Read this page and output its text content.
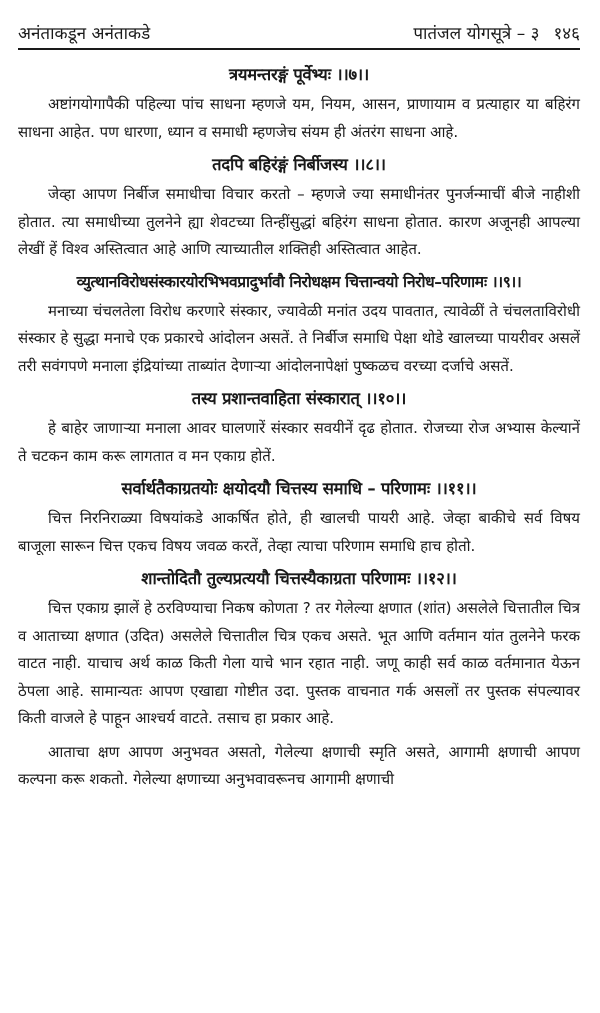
अनंताकडून अनंताकडे	पातंजल योगसूत्रे – ३ १४६
त्रयमन्तरङ्गं पूर्वेभ्यः ।।७।।

अष्टांगयोगापैकी पहिल्या पांच साधना म्हणजे यम, नियम, आसन, प्राणायाम व प्रत्याहार या बहिरंग साधना आहेत. पण धारणा, ध्यान व समाधी म्हणजेच संयम ही अंतरंग साधना आहे.

तदपि बहिरंङ्गं निर्बीजस्य ।।८।।

जेव्हा आपण निर्बीज समाधीचा विचार करतो – म्हणजे ज्या समाधीनंतर पुनर्जन्माचीं बीजे नाहीशी होतात. त्या समाधीच्या तुलनेने ह्या शेवटच्या तिन्हींसुद्धां बहिरंग साधना होतात. कारण अजूनही आपल्या लेखीं हें विश्व अस्तित्वात आहे आणि त्याच्यातील शक्तिही अस्तित्वात आहेत.

व्युत्थानविरोधसंस्कारयोरभिभवप्रादुर्भावौ निरोधक्षम चित्तान्वयो निरोध–परिणामः ।।९।।

मनाच्या चंचलतेला विरोध करणारे संस्कार, ज्यावेळी मनांत उदय पावतात, त्यावेळीं ते चंचलताविरोधी संस्कार हे सुद्धा मनाचे एक प्रकारचे आंदोलन असतें. ते निर्बीज समाधि पेक्षा थोडे खालच्या पायरीवर असलें तरी सवंगपणे मनाला इंद्रियांच्या ताब्यांत देणाऱ्या आंदोलनापेक्षां पुष्कळच वरच्या दर्जाचे असतें.

तस्य प्रशान्तवाहिता संस्कारात् ।।१०।।

हे बाहेर जाणाऱ्या मनाला आवर घालणारें संस्कार सवयीनें दृढ होतात. रोजच्या रोज अभ्यास केल्यानें ते चटकन काम करू लागतात व मन एकाग्र होतें.

सर्वार्थतैकाग्रतयोः क्षयोदयौ चित्तस्य समाधि – परिणामः ।।११।।

चित्त निरनिराळ्या विषयांकडे आकर्षित होते, ही खालची पायरी आहे. जेव्हा बाकीचे सर्व विषय बाजूला सारून चित्त एकच विषय जवळ करतें, तेव्हा त्याचा परिणाम समाधि हाच होतो.

शान्तोदितौ तुल्यप्रत्ययौ चित्तस्यैकाग्रता परिणामः ।।१२।।

चित्त एकाग्र झालें हे ठरविण्याचा निकष कोणता ? तर गेलेल्या क्षणात (शांत) असलेले चित्तातील चित्र व आताच्या क्षणात (उदित) असलेले चित्तातील चित्र एकच असते. भूत आणि वर्तमान यांत तुलनेने फरक वाटत नाही. याचाच अर्थ काळ किती गेला याचे भान रहात नाही. जणू काही सर्व काळ वर्तमानात येऊन ठेपला आहे. सामान्यतः आपण एखाद्या गोष्टीत उदा. पुस्तक वाचनात गर्क असलों तर पुस्तक संपल्यावर किती वाजले हे पाहून आश्चर्य वाटते. तसाच हा प्रकार आहे.

आताचा क्षण आपण अनुभवत असतो, गेलेल्या क्षणाची स्मृति असते, आगामी क्षणाची आपण कल्पना करू शकतो. गेलेल्या क्षणाच्या अनुभवावरूनच आगामी क्षणाची
